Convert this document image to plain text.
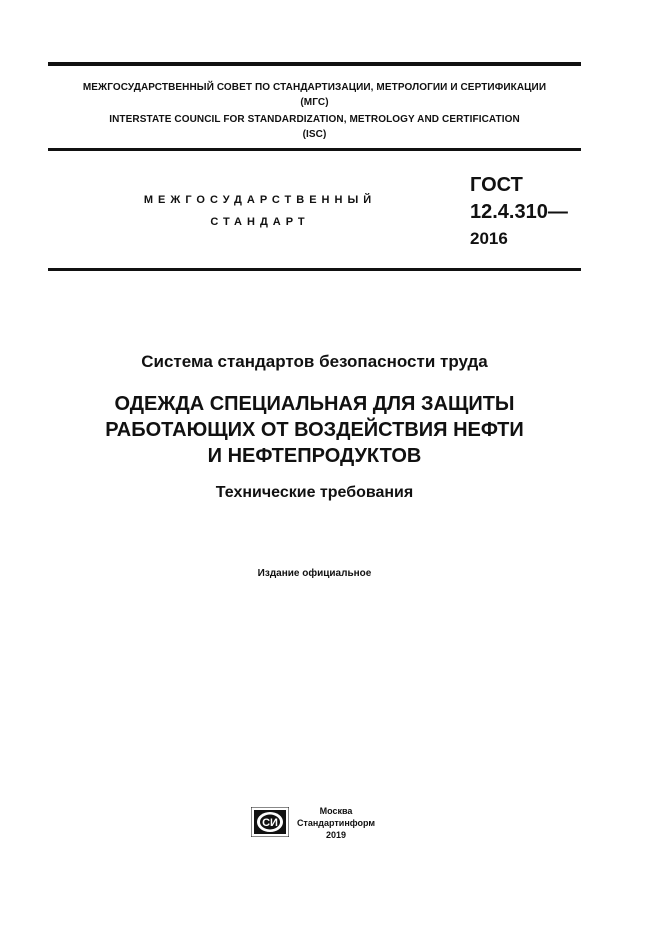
МЕЖГОСУДАРСТВЕННЫЙ СОВЕТ ПО СТАНДАРТИЗАЦИИ, МЕТРОЛОГИИ И СЕРТИФИКАЦИИ
(МГС)
INTERSTATE COUNCIL FOR STANDARDIZATION, METROLOGY AND CERTIFICATION
(ISC)
МЕЖГОСУДАРСТВЕННЫЙ
СТАНДАРТ
ГОСТ
12.4.310—
2016
Система стандартов безопасности труда
ОДЕЖДА СПЕЦИАЛЬНАЯ ДЛЯ ЗАЩИТЫ
РАБОТАЮЩИХ ОТ ВОЗДЕЙСТВИЯ НЕФТИ
И НЕФТЕПРОДУКТОВ
Технические требования
Издание официальное
СИ
Москва
Стандартинформ
2019
